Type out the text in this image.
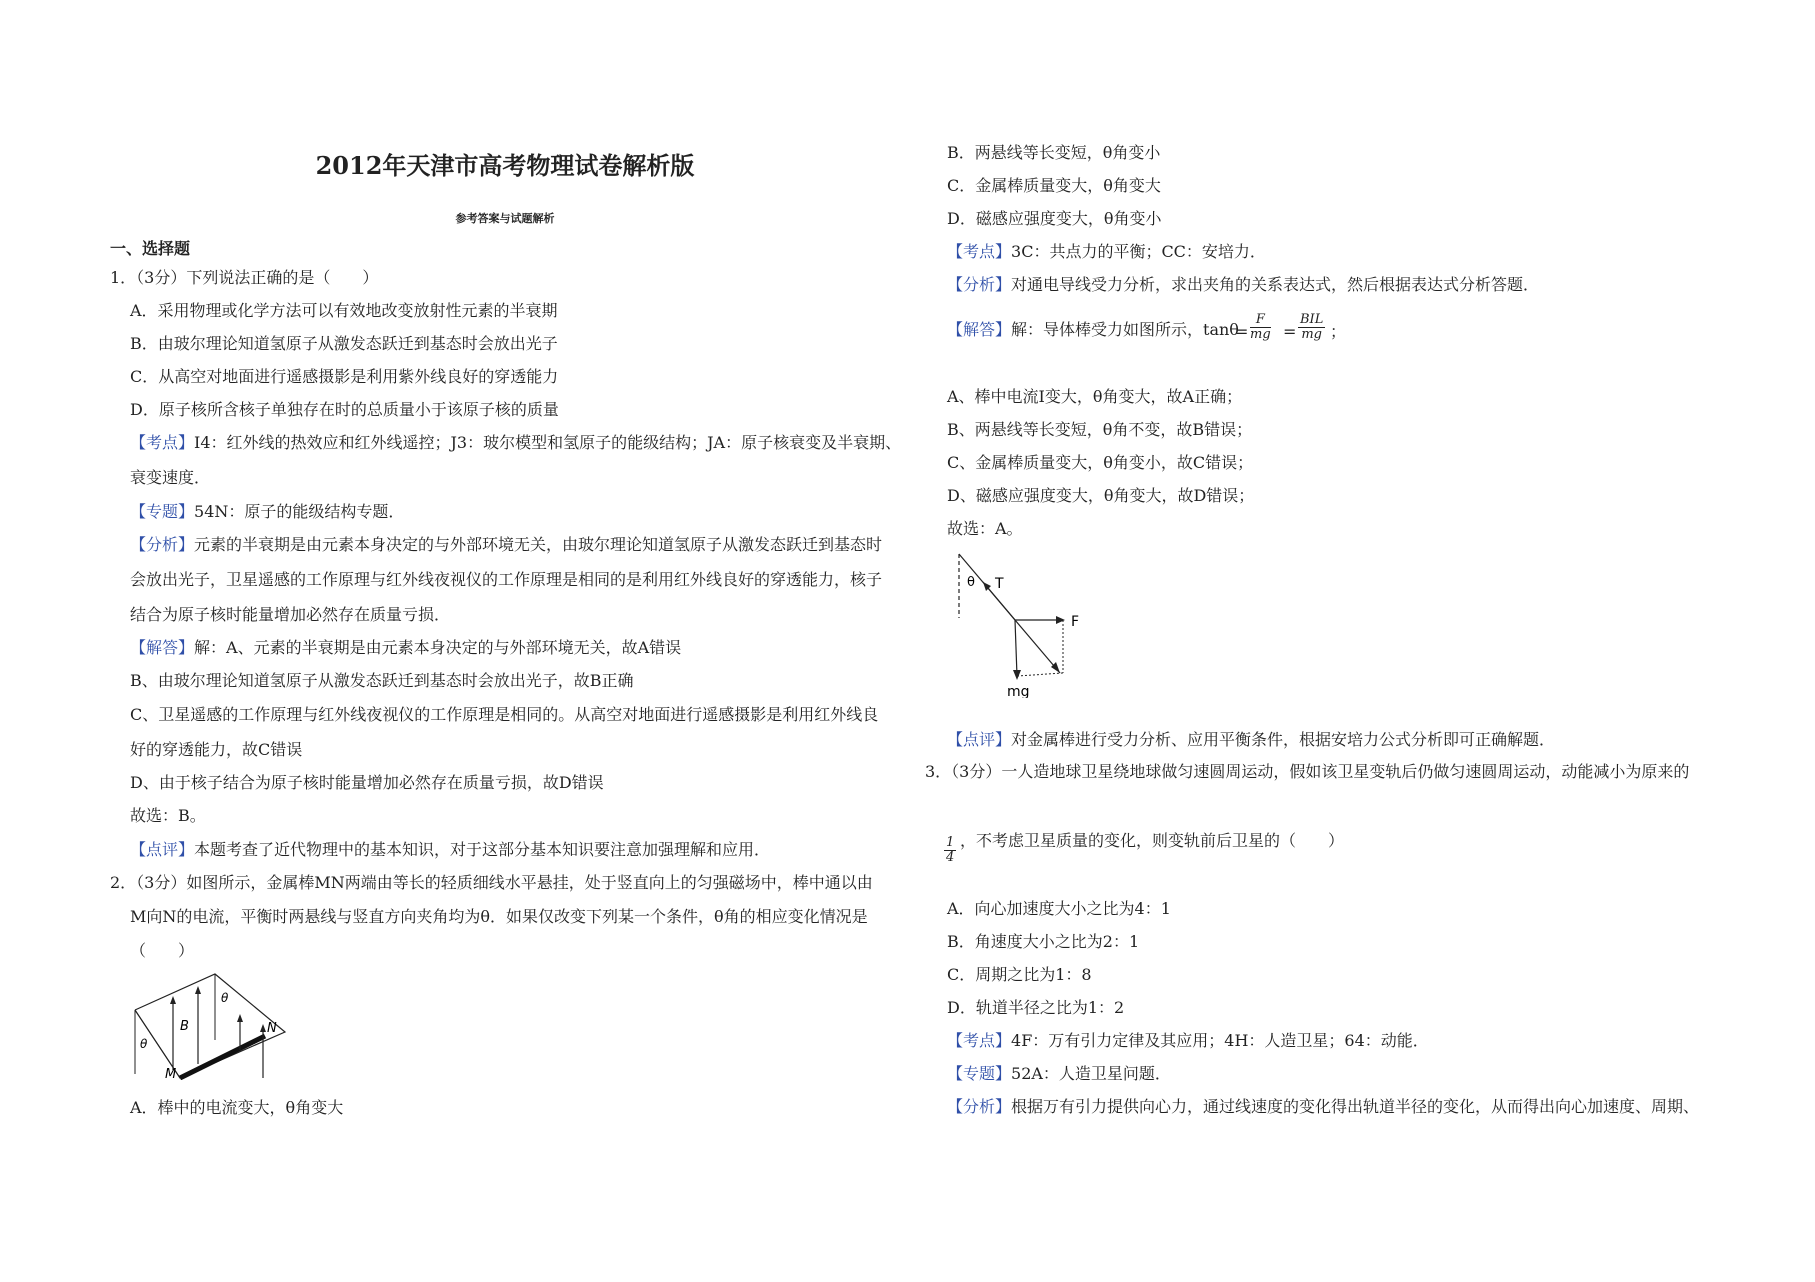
2012年天津市高考物理试卷解析版
参考答案与试题解析
一、选择题
1．（3分）下列说法正确的是（　　）
A．采用物理或化学方法可以有效地改变放射性元素的半衰期
B．由玻尔理论知道氢原子从激发态跃迁到基态时会放出光子
C．从高空对地面进行遥感摄影是利用紫外线良好的穿透能力
D．原子核所含核子单独存在时的总质量小于该原子核的质量
【考点】I4：红外线的热效应和红外线遥控；J3：玻尔模型和氢原子的能级结构；JA：原子核衰变及半衰期、
衰变速度．
【专题】54N：原子的能级结构专题．
【分析】元素的半衰期是由元素本身决定的与外部环境无关，由玻尔理论知道氢原子从激发态跃迁到基态时
会放出光子，卫星遥感的工作原理与红外线夜视仪的工作原理是相同的是利用红外线良好的穿透能力，核子
结合为原子核时能量增加必然存在质量亏损．
【解答】解：A、元素的半衰期是由元素本身决定的与外部环境无关，故A错误
B、由玻尔理论知道氢原子从激发态跃迁到基态时会放出光子，故B正确
C、卫星遥感的工作原理与红外线夜视仪的工作原理是相同的。从高空对地面进行遥感摄影是利用红外线良
好的穿透能力，故C错误
D、由于核子结合为原子核时能量增加必然存在质量亏损，故D错误
故选：B。
【点评】本题考查了近代物理中的基本知识，对于这部分基本知识要注意加强理解和应用．
2．（3分）如图所示，金属棒MN两端由等长的轻质细线水平悬挂，处于竖直向上的匀强磁场中，棒中通以由
M向N的电流，平衡时两悬线与竖直方向夹角均为θ．如果仅改变下列某一个条件，θ角的相应变化情况是
（　　）
B	N
M
θ
θ
A．棒中的电流变大，θ角变大
B．两悬线等长变短，θ角变小
C．金属棒质量变大，θ角变大
D．磁感应强度变大，θ角变小
【考点】3C：共点力的平衡；CC：安培力．
【分析】对通电导线受力分析，求出夹角的关系表达式，然后根据表达式分析答题．
【解答】解：导体棒受力如图所示，tanθ
= $\frac{F}{mg}$ =
BIL
mg ；
A、棒中电流I变大，θ角变大，故A正确；
B、两悬线等长变短，θ角不变，故B错误；
C、金属棒质量变大，θ角变小，故C错误；
D、磁感应强度变大，θ角变大，故D错误；
故选：A。
θ T
F
mg
【点评】对金属棒进行受力分析、应用平衡条件，根据安培力公式分析即可正确解题．
3．（3分）一人造地球卫星绕地球做匀速圆周运动，假如该卫星变轨后仍做匀速圆周运动，动能减小为原来的
$\frac{1}{4}$ ，不考虑卫星质量的变化，则变轨前后卫星的（　　）
A．向心加速度大小之比为4：1
B．角速度大小之比为2：1
C．周期之比为1：8
D．轨道半径之比为1：2
【考点】4F：万有引力定律及其应用；4H：人造卫星；64：动能．
【专题】52A：人造卫星问题．
【分析】根据万有引力提供向心力，通过线速度的变化得出轨道半径的变化，从而得出向心加速度、周期、
